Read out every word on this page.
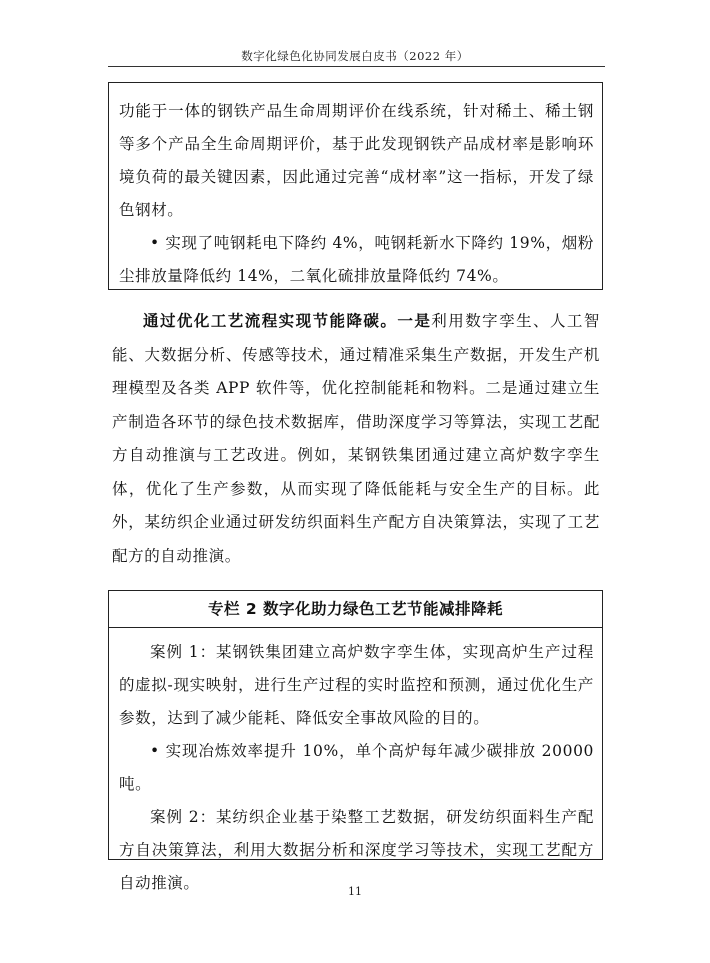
数字化绿色化协同发展白皮书（2022 年）

功能于一体的钢铁产品生命周期评价在线系统，针对稀土、稀土钢等多个产品全生命周期评价，基于此发现钢铁产品成材率是影响环境负荷的最关键因素，因此通过完善“成材率”这一指标，开发了绿色钢材。

• 实现了吨钢耗电下降约 4%，吨钢耗新水下降约 19%，烟粉尘排放量降低约 14%，二氧化硫排放量降低约 74%。

通过优化工艺流程实现节能降碳。一是利用数字孪生、人工智能、大数据分析、传感等技术，通过精准采集生产数据，开发生产机理模型及各类 APP 软件等，优化控制能耗和物料。二是通过建立生产制造各环节的绿色技术数据库，借助深度学习等算法，实现工艺配方自动推演与工艺改进。例如，某钢铁集团通过建立高炉数字孪生体，优化了生产参数，从而实现了降低能耗与安全生产的目标。此外，某纺织企业通过研发纺织面料生产配方自决策算法，实现了工艺配方的自动推演。

专栏 2 数字化助力绿色工艺节能减排降耗

案例 1：某钢铁集团建立高炉数字孪生体，实现高炉生产过程的虚拟-现实映射，进行生产过程的实时监控和预测，通过优化生产参数，达到了减少能耗、降低安全事故风险的目的。

• 实现冶炼效率提升 10%，单个高炉每年减少碳排放 20000 吨。

案例 2：某纺织企业基于染整工艺数据，研发纺织面料生产配方自决策算法，利用大数据分析和深度学习等技术，实现工艺配方自动推演。	11
